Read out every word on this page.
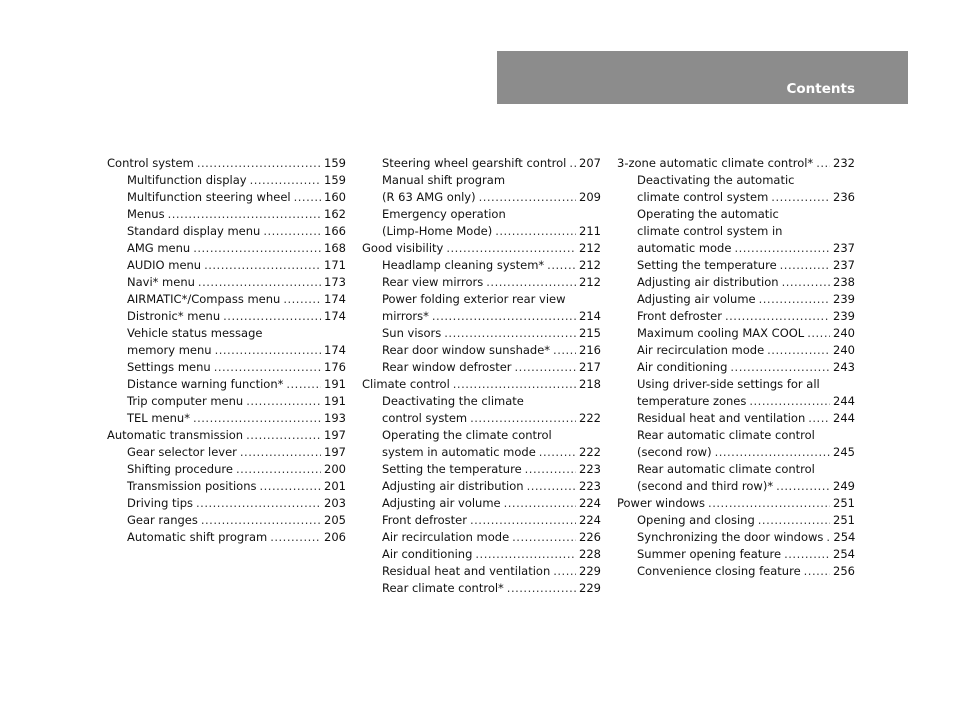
Contents
Control system .....	159
Multifunction display .....	159
Multifunction steering wheel .....	160
Menus .....	162
Standard display menu .....	166
AMG menu .....	168
AUDIO menu .....	171
Navi* menu .....	173
AIRMATIC*/Compass menu .....	174
Distronic* menu .....	174
Vehicle status message
memory menu .....	174
Settings menu .....	176
Distance warning function* .....	191
Trip computer menu .....	191
TEL menu* .....	193
Automatic transmission .....	197
Gear selector lever .....	197
Shifting procedure .....	200
Transmission positions .....	201
Driving tips .....	203
Gear ranges .....	205
Automatic shift program .....	206
Steering wheel gearshift control ..... 207
Manual shift program
(R 63 AMG only) .....	209
Emergency operation
(Limp-Home Mode) .....	211
Good visibility .....	212
Headlamp cleaning system* .....	212
Rear view mirrors .....	212
Power folding exterior rear view
mirrors* .....	214
Sun visors .....	215
Rear door window sunshade* .....	216
Rear window defroster .....	217
Climate control .....	218
Deactivating the climate
control system .....	222
Operating the climate control
system in automatic mode .....	222
Setting the temperature .....	223
Adjusting air distribution .....	223
Adjusting air volume .....	224
Front defroster .....	224
Air recirculation mode .....	226
Air conditioning .....	228
Residual heat and ventilation .....	229
Rear climate control* .....	229
3-zone automatic climate control* ..... 232
Deactivating the automatic
climate control system .....	236
Operating the automatic
climate control system in
automatic mode .....	237
Setting the temperature .....	237
Adjusting air distribution .....	238
Adjusting air volume .....	239
Front defroster .....	239
Maximum cooling MAX COOL .....	240
Air recirculation mode .....	240
Air conditioning .....	243
Using driver-side settings for all
temperature zones .....	244
Residual heat and ventilation ..... 244
Rear automatic climate control
(second row) .....	245
Rear automatic climate control
(second and third row)* .....	249
Power windows .....	251
Opening and closing .....	251
Synchronizing the door windows ..... 254
Summer opening feature .....	254
Convenience closing feature .....	256
